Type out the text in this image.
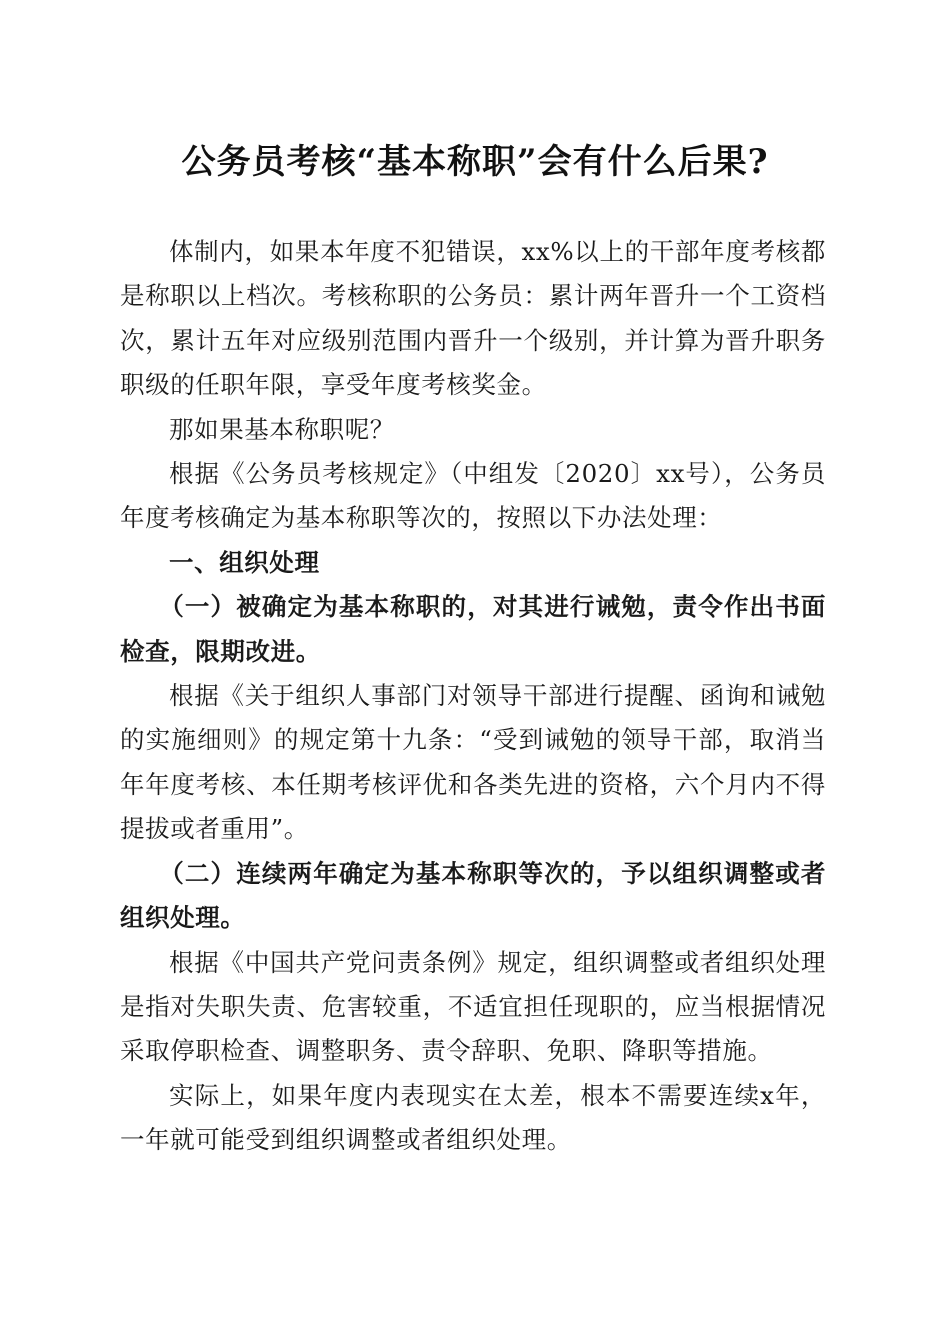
公务员考核“基本称职”会有什么后果?

体制内，如果本年度不犯错误，xx%以上的干部年度考核都是称职以上档次。考核称职的公务员：累计两年晋升一个工资档次，累计五年对应级别范围内晋升一个级别，并计算为晋升职务职级的任职年限，享受年度考核奖金。

那如果基本称职呢？

根据《公务员考核规定》（中组发〔2020〕xx号），公务员年度考核确定为基本称职等次的，按照以下办法处理：

一、组织处理

（一）被确定为基本称职的，对其进行诫勉，责令作出书面检查，限期改进。

根据《关于组织人事部门对领导干部进行提醒、函询和诫勉的实施细则》的规定第十九条：“受到诫勉的领导干部，取消当年年度考核、本任期考核评优和各类先进的资格，六个月内不得提拔或者重用”。

（二）连续两年确定为基本称职等次的，予以组织调整或者组织处理。

根据《中国共产党问责条例》规定，组织调整或者组织处理是指对失职失责、危害较重，不适宜担任现职的，应当根据情况采取停职检查、调整职务、责令辞职、免职、降职等措施。

实际上，如果年度内表现实在太差，根本不需要连续x年，一年就可能受到组织调整或者组织处理。
